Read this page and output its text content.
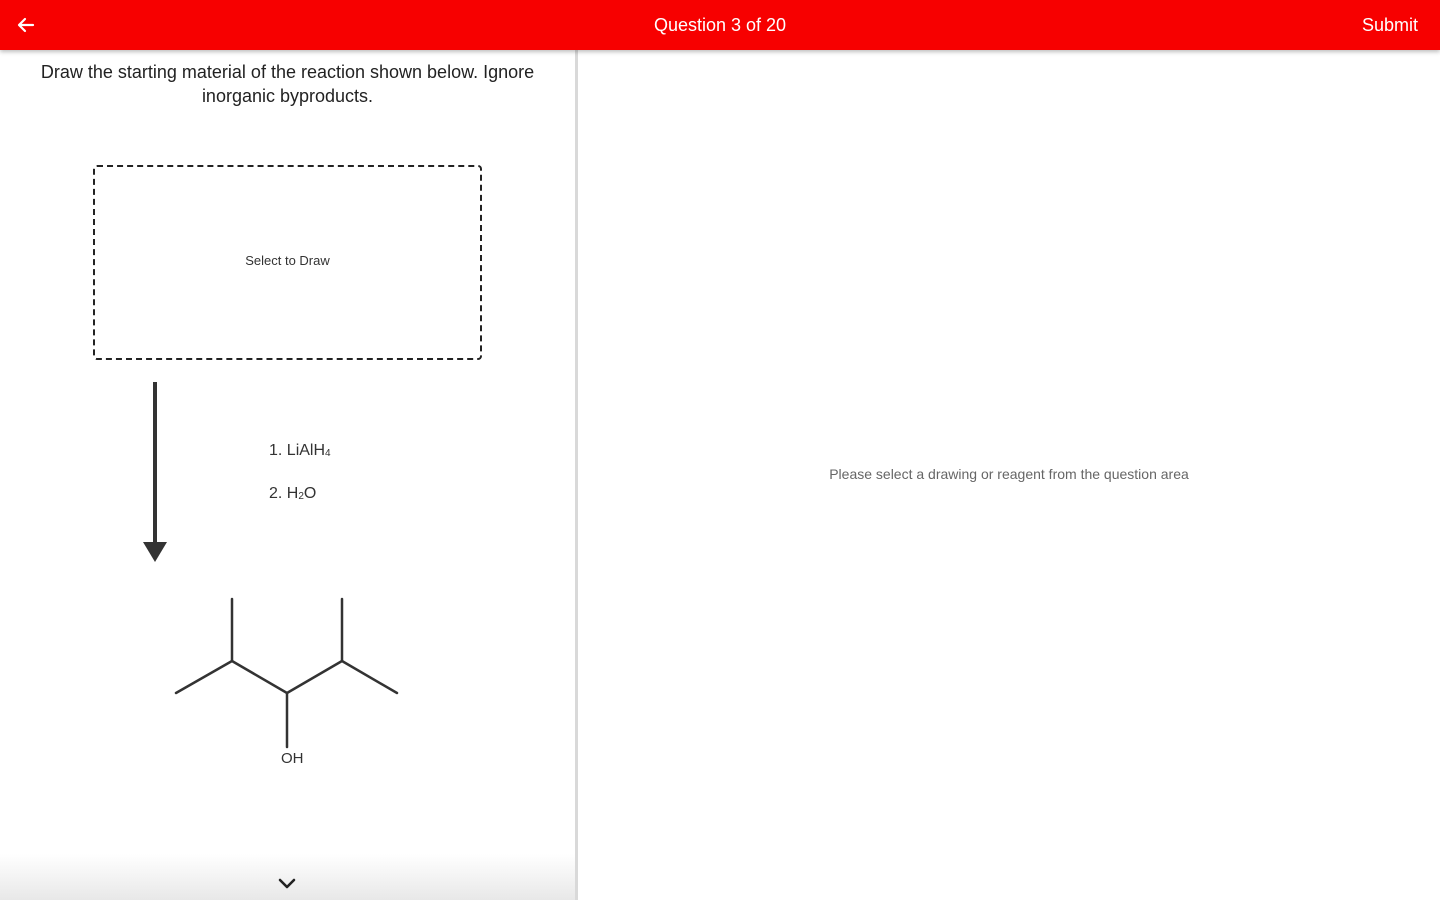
Question 3 of 20	Submit
Draw the starting material of the reaction shown below. Ignore inorganic byproducts.
Select to Draw
1. LiAlH$_4$
2. $H_2O$
OH
Please select a drawing or reagent from the question area
